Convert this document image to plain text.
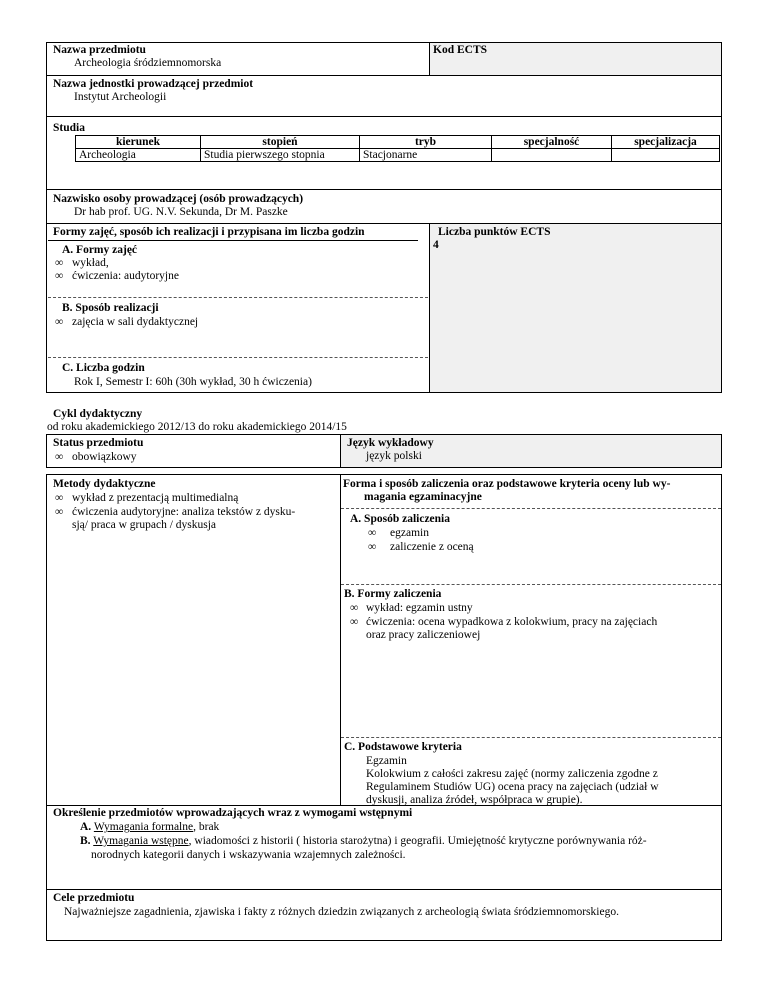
Nazwa przedmiotu
Archeologia śródziemnomorska
Kod ECTS
Nazwa jednostki prowadzącej przedmiot
Instytut Archeologii
Studia
kierunek	stopień	tryb	specjalność	specjalizacja
Archeologia	Studia pierwszego stopnia	Stacjonarne		
Nazwisko osoby prowadzącej (osób prowadzących)
Dr hab prof. UG. N.V. Sekunda, Dr M. Paszke
Formy zajęć, sposób ich realizacji i przypisana im liczba godzin
A. Formy zajęć
∞ wykład,
∞ ćwiczenia: audytoryjne
B. Sposób realizacji
∞ zajęcia w sali dydaktycznej
C. Liczba godzin
Rok I, Semestr I: 60h (30h wykład, 30 h ćwiczenia)
Liczba punktów ECTS
4
Cykl dydaktyczny
od roku akademickiego 2012/13 do roku akademickiego 2014/15
Status przedmiotu
∞ obowiązkowy
Język wykładowy
język polski
Metody dydaktyczne
∞ wykład z prezentacją multimedialną
∞ ćwiczenia audytoryjne: analiza tekstów z dysku-
sją/ praca w grupach / dyskusja
Forma i sposób zaliczenia oraz podstawowe kryteria oceny lub wy-
magania egzaminacyjne
A. Sposób zaliczenia
∞ egzamin
∞ zaliczenie z oceną
B. Formy zaliczenia
∞ wykład: egzamin ustny
∞ ćwiczenia: ocena wypadkowa z kolokwium, pracy na zajęciach
oraz pracy zaliczeniowej
C. Podstawowe kryteria
Egzamin
Kolokwium z całości zakresu zajęć (normy zaliczenia zgodne z
Regulaminem Studiów UG) ocena pracy na zajęciach (udział w
dyskusji, analiza źródeł, współpraca w grupie).
Określenie przedmiotów wprowadzających wraz z wymogami wstępnymi
A. Wymagania formalne, brak
B. Wymagania wstępne, wiadomości z historii ( historia starożytna) i geografii. Umiejętność krytyczne porównywania róż-
norodnych kategorii danych i wskazywania wzajemnych zależności.
Cele przedmiotu
Najważniejsze zagadnienia, zjawiska i fakty z różnych dziedzin związanych z archeologią świata śródziemnomorskiego.
